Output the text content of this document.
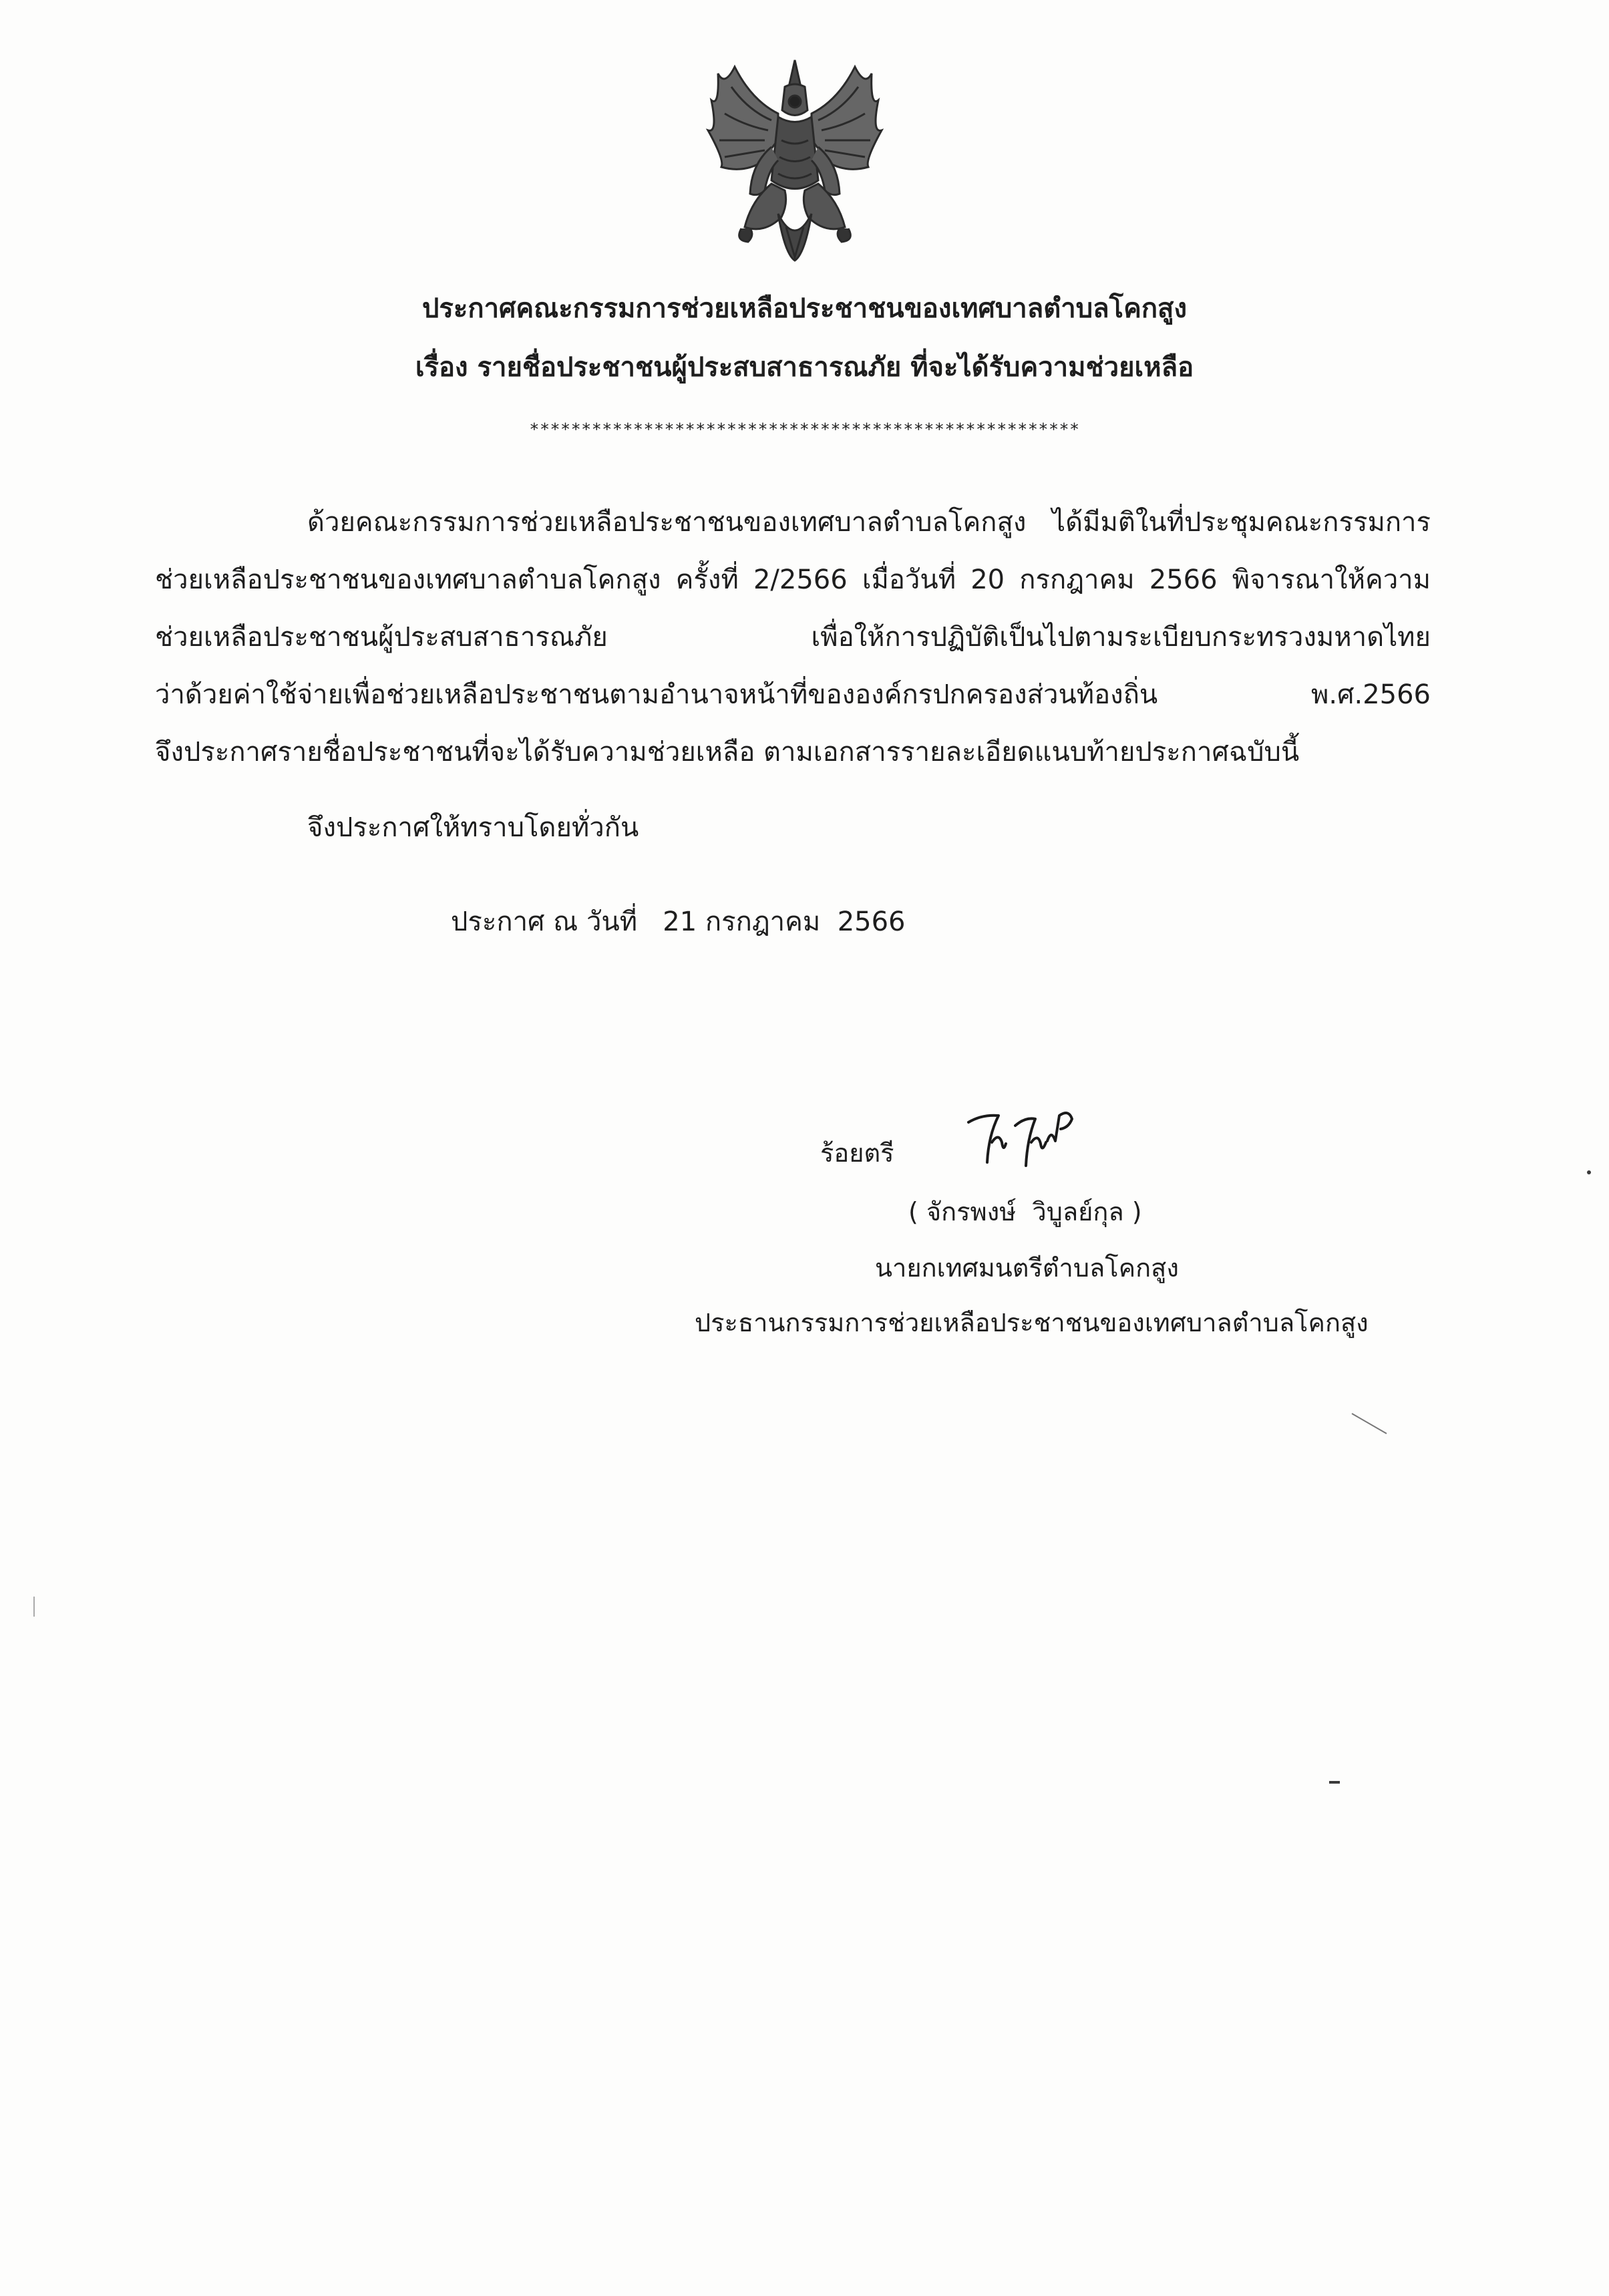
ประกาศคณะกรรมการช่วยเหลือประชาชนของเทศบาลตำบลโคกสูง
เรื่อง รายชื่อประชาชนผู้ประสบสาธารณภัย ที่จะได้รับความช่วยเหลือ
*****************************************************
ด้วยคณะกรรมการช่วยเหลือประชาชนของเทศบาลตำบลโคกสูง ได้มีมติในที่ประชุมคณะกรรมการ
ช่วยเหลือประชาชนของเทศบาลตำบลโคกสูง ครั้งที่ 2/2566 เมื่อวันที่ 20 กรกฎาคม 2566 พิจารณาให้ความ
ช่วยเหลือประชาชนผู้ประสบสาธารณภัย เพื่อให้การปฏิบัติเป็นไปตามระเบียบกระทรวงมหาดไทย
ว่าด้วยค่าใช้จ่ายเพื่อช่วยเหลือประชาชนตามอำนาจหน้าที่ขององค์กรปกครองส่วนท้องถิ่น พ.ศ.2566
จึงประกาศรายชื่อประชาชนที่จะได้รับความช่วยเหลือ ตามเอกสารรายละเอียดแนบท้ายประกาศฉบับนี้
จึงประกาศให้ทราบโดยทั่วกัน
ประกาศ ณ วันที่   21 กรกฎาคม  2566
ร้อยตรี
( จักรพงษ์  วิบูลย์กุล )
นายกเทศมนตรีตำบลโคกสูง
ประธานกรรมการช่วยเหลือประชาชนของเทศบาลตำบลโคกสูง
